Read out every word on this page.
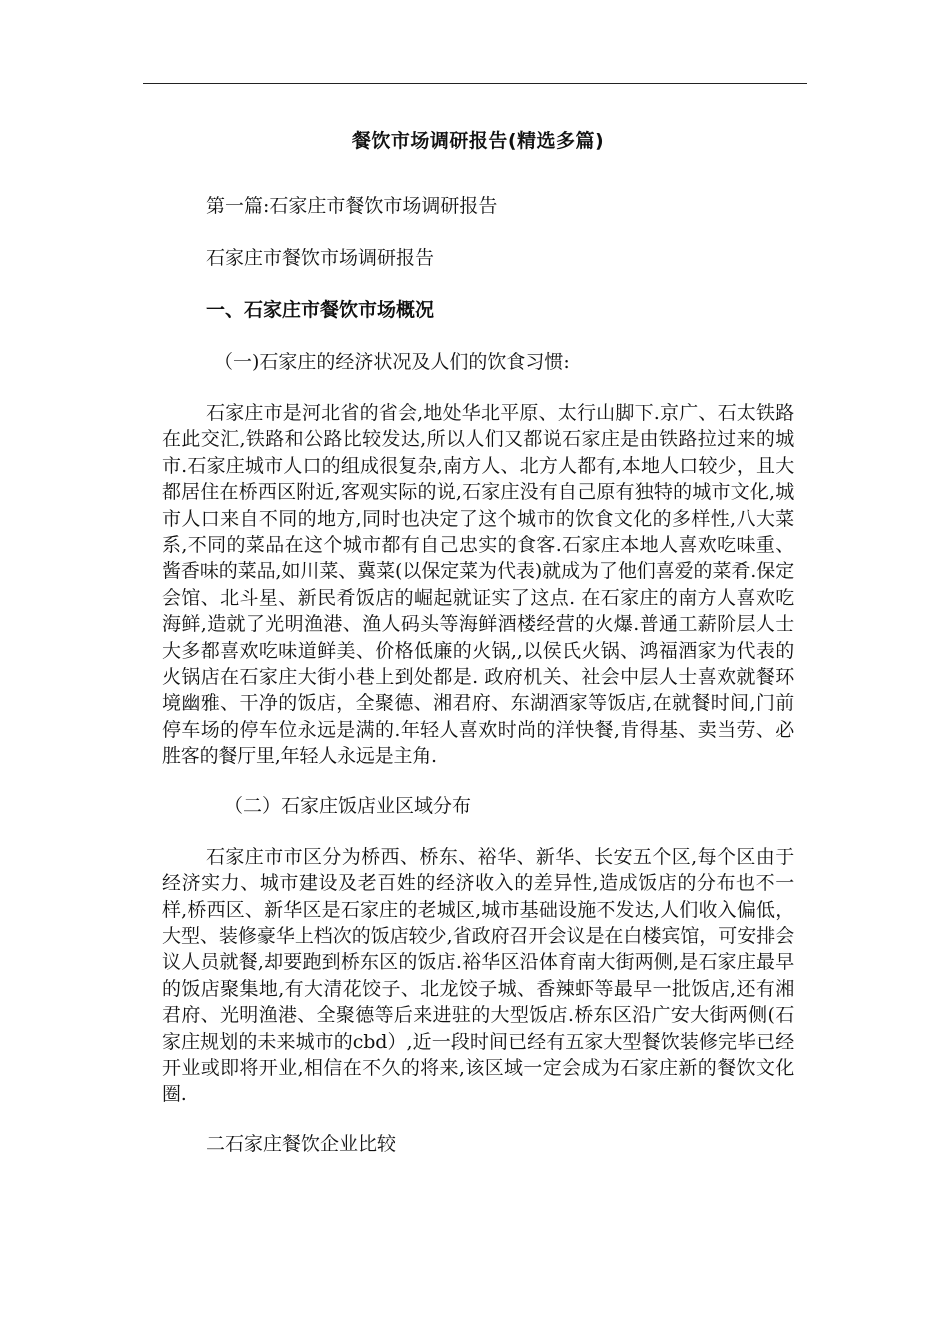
餐饮市场调研报告(精选多篇)

第一篇:石家庄市餐饮市场调研报告

石家庄市餐饮市场调研报告

一、石家庄市餐饮市场概况

（一)石家庄的经济状况及人们的饮食习惯:

石家庄市是河北省的省会,地处华北平原、太行山脚下.京广、石太铁路在此交汇,铁路和公路比较发达,所以人们又都说石家庄是由铁路拉过来的城市.石家庄城市人口的组成很复杂,南方人、北方人都有,本地人口较少，且大都居住在桥西区附近,客观实际的说,石家庄没有自己原有独特的城市文化,城市人口来自不同的地方,同时也决定了这个城市的饮食文化的多样性,八大菜系,不同的菜品在这个城市都有自己忠实的食客.石家庄本地人喜欢吃味重、酱香味的菜品,如川菜、冀菜(以保定菜为代表)就成为了他们喜爱的菜肴.保定会馆、北斗星、新民肴饭店的崛起就证实了这点. 在石家庄的南方人喜欢吃海鲜,造就了光明渔港、渔人码头等海鲜酒楼经营的火爆.普通工薪阶层人士大多都喜欢吃味道鲜美、价格低廉的火锅,,以侯氏火锅、鸿福酒家为代表的火锅店在石家庄大街小巷上到处都是. 政府机关、社会中层人士喜欢就餐环境幽雅、干净的饭店，全聚德、湘君府、东湖酒家等饭店,在就餐时间,门前停车场的停车位永远是满的.年轻人喜欢时尚的洋快餐,肯得基、卖当劳、必胜客的餐厅里,年轻人永远是主角.

（二）石家庄饭店业区域分布

石家庄市市区分为桥西、桥东、裕华、新华、长安五个区,每个区由于经济实力、城市建设及老百姓的经济收入的差异性,造成饭店的分布也不一样,桥西区、新华区是石家庄的老城区,城市基础设施不发达,人们收入偏低，大型、装修豪华上档次的饭店较少,省政府召开会议是在白楼宾馆，可安排会议人员就餐,却要跑到桥东区的饭店.裕华区沿体育南大街两侧,是石家庄最早的饭店聚集地,有大清花饺子、北龙饺子城、香辣虾等最早一批饭店,还有湘君府、光明渔港、全聚德等后来进驻的大型饭店.桥东区沿广安大街两侧(石家庄规划的未来城市的cbd）,近一段时间已经有五家大型餐饮装修完毕已经开业或即将开业,相信在不久的将来,该区域一定会成为石家庄新的餐饮文化圈.

二石家庄餐饮企业比较
